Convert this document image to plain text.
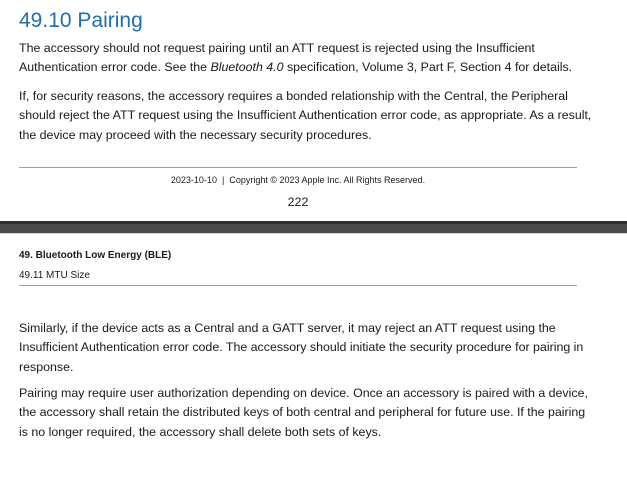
49.10 Pairing

The accessory should not request pairing until an ATT request is rejected using the Insufficient Authentication error code. See the Bluetooth 4.0 specification, Volume 3, Part F, Section 4 for details.

If, for security reasons, the accessory requires a bonded relationship with the Central, the Peripheral should reject the ATT request using the Insufficient Authentication error code, as appropriate. As a result, the device may proceed with the necessary security procedures.

2023-10-10 | Copyright © 2023 Apple Inc. All Rights Reserved.
222

49. Bluetooth Low Energy (BLE)

49.11 MTU Size

Similarly, if the device acts as a Central and a GATT server, it may reject an ATT request using the Insufficient Authentication error code. The accessory should initiate the security procedure for pairing in response.

Pairing may require user authorization depending on device. Once an accessory is paired with a device, the accessory shall retain the distributed keys of both central and peripheral for future use. If the pairing is no longer required, the accessory shall delete both sets of keys.
